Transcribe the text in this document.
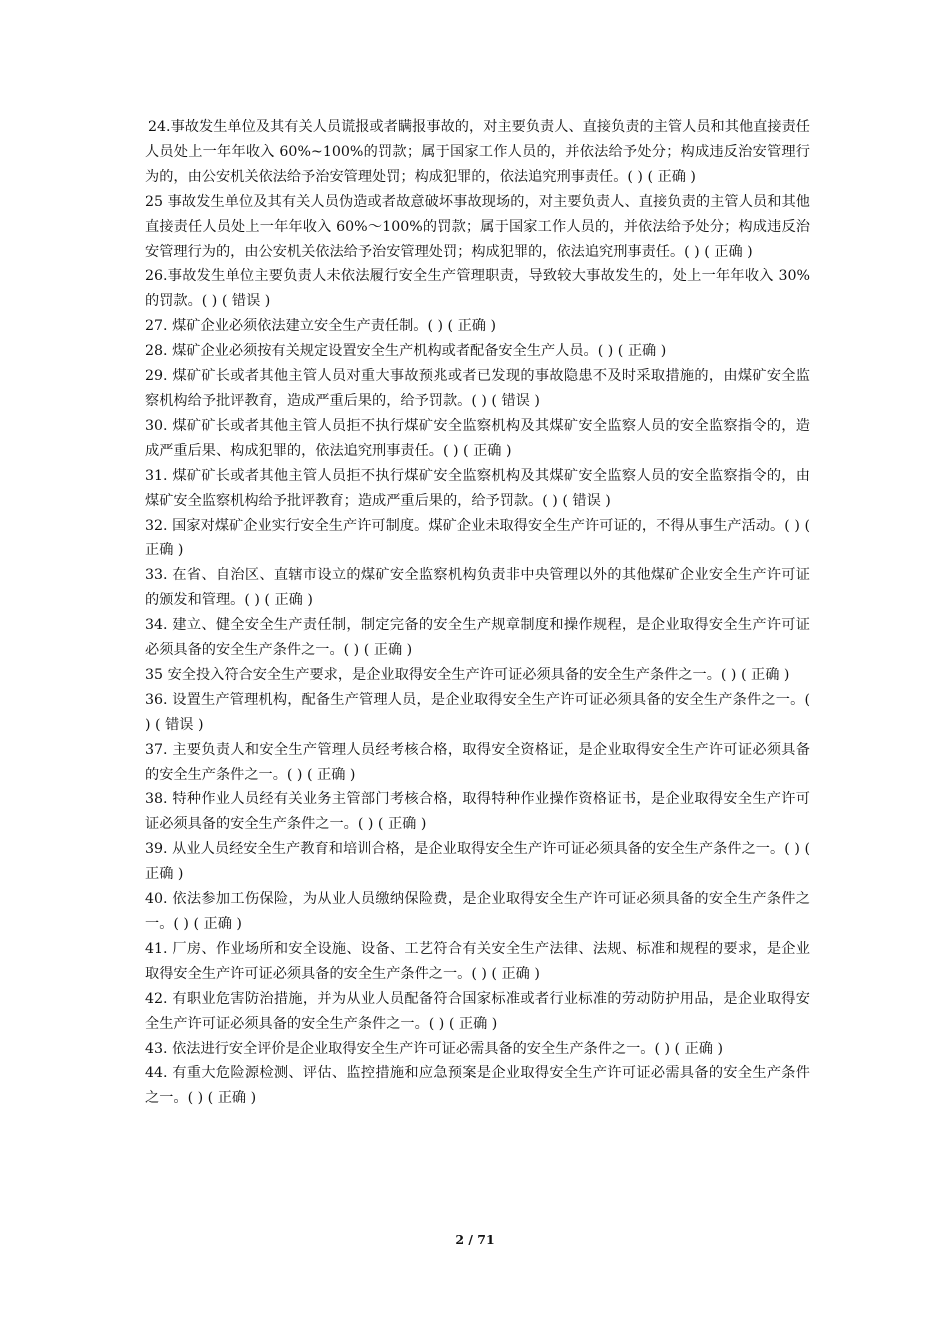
24.事故发生单位及其有关人员谎报或者瞒报事故的，对主要负责人、直接负责的主管人员和其他直接责任人员处上一年年收入 60%~100%的罚款；属于国家工作人员的，并依法给予处分；构成违反治安管理行为的，由公安机关依法给予治安管理处罚；构成犯罪的，依法追究刑事责任。( ) ( 正确 )

25 事故发生单位及其有关人员伪造或者故意破坏事故现场的，对主要负责人、直接负责的主管人员和其他直接责任人员处上一年年收入 60%～100%的罚款；属于国家工作人员的，并依法给予处分；构成违反治安管理行为的，由公安机关依法给予治安管理处罚；构成犯罪的，依法追究刑事责任。( ) ( 正确 )

26.事故发生单位主要负责人未依法履行安全生产管理职责，导致较大事故发生的，处上一年年收入 30%的罚款。( ) ( 错误 )

27. 煤矿企业必须依法建立安全生产责任制。( ) ( 正确 )

28. 煤矿企业必须按有关规定设置安全生产机构或者配备安全生产人员。( ) ( 正确 )

29. 煤矿矿长或者其他主管人员对重大事故预兆或者已发现的事故隐患不及时采取措施的，由煤矿安全监察机构给予批评教育，造成严重后果的，给予罚款。( ) ( 错误 )

30. 煤矿矿长或者其他主管人员拒不执行煤矿安全监察机构及其煤矿安全监察人员的安全监察指令的，造成严重后果、构成犯罪的，依法追究刑事责任。( ) ( 正确 )

31. 煤矿矿长或者其他主管人员拒不执行煤矿安全监察机构及其煤矿安全监察人员的安全监察指令的，由煤矿安全监察机构给予批评教育；造成严重后果的，给予罚款。( ) ( 错误 )

32. 国家对煤矿企业实行安全生产许可制度。煤矿企业未取得安全生产许可证的，不得从事生产活动。( ) ( 正确 )

33. 在省、自治区、直辖市设立的煤矿安全监察机构负责非中央管理以外的其他煤矿企业安全生产许可证的颁发和管理。( ) ( 正确 )

34. 建立、健全安全生产责任制，制定完备的安全生产规章制度和操作规程，是企业取得安全生产许可证必须具备的安全生产条件之一。( ) ( 正确 )

35 安全投入符合安全生产要求，是企业取得安全生产许可证必须具备的安全生产条件之一。( ) ( 正确 )

36. 设置生产管理机构，配备生产管理人员，是企业取得安全生产许可证必须具备的安全生产条件之一。( ) ( 错误 )

37. 主要负责人和安全生产管理人员经考核合格，取得安全资格证，是企业取得安全生产许可证必须具备的安全生产条件之一。( ) ( 正确 )

38. 特种作业人员经有关业务主管部门考核合格，取得特种作业操作资格证书，是企业取得安全生产许可证必须具备的安全生产条件之一。( ) ( 正确 )

39. 从业人员经安全生产教育和培训合格，是企业取得安全生产许可证必须具备的安全生产条件之一。( ) ( 正确 )

40. 依法参加工伤保险，为从业人员缴纳保险费，是企业取得安全生产许可证必须具备的安全生产条件之一。( ) ( 正确 )

41. 厂房、作业场所和安全设施、设备、工艺符合有关安全生产法律、法规、标准和规程的要求，是企业取得安全生产许可证必须具备的安全生产条件之一。( ) ( 正确 )

42. 有职业危害防治措施，并为从业人员配备符合国家标准或者行业标准的劳动防护用品，是企业取得安全生产许可证必须具备的安全生产条件之一。( ) ( 正确 )

43. 依法进行安全评价是企业取得安全生产许可证必需具备的安全生产条件之一。( ) ( 正确 )

44. 有重大危险源检测、评估、监控措施和应急预案是企业取得安全生产许可证必需具备的安全生产条件之一。( ) ( 正确 )

2 / 71
